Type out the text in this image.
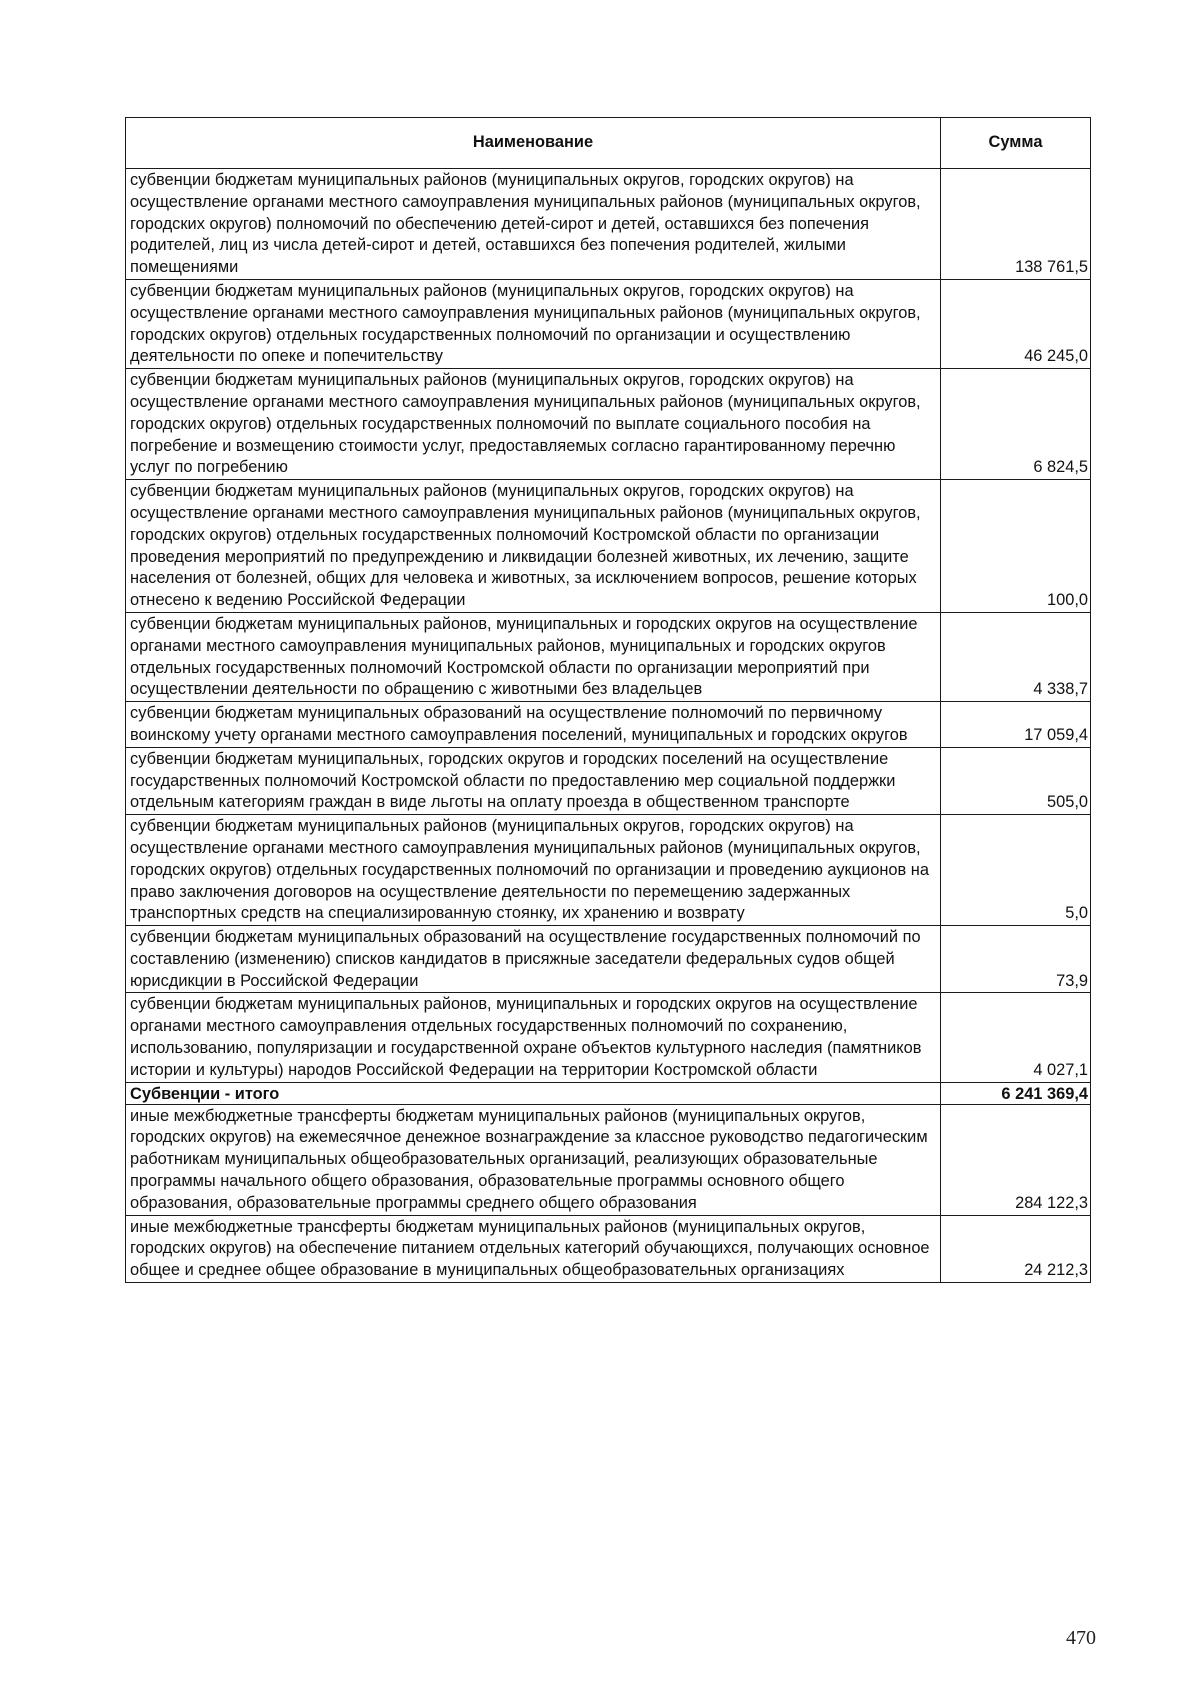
Наименование	Сумма
субвенции бюджетам муниципальных районов (муниципальных округов, городских округов) на осуществление органами местного самоуправления муниципальных районов (муниципальных округов, городских округов) полномочий по обеспечению детей-сирот и детей, оставшихся без попечения родителей, лиц из числа детей-сирот и детей, оставшихся без попечения родителей, жилыми помещениями	138 761,5
субвенции бюджетам муниципальных районов (муниципальных округов, городских округов) на осуществление органами местного самоуправления муниципальных районов (муниципальных округов, городских округов) отдельных государственных полномочий по организации и осуществлению деятельности по опеке и попечительству	46 245,0
субвенции бюджетам муниципальных районов (муниципальных округов, городских округов) на осуществление органами местного самоуправления муниципальных районов (муниципальных округов, городских округов) отдельных государственных полномочий по выплате социального пособия на погребение и возмещению стоимости услуг, предоставляемых согласно гарантированному перечню услуг по погребению	6 824,5
субвенции бюджетам муниципальных районов (муниципальных округов, городских округов) на осуществление органами местного самоуправления муниципальных районов (муниципальных округов, городских округов) отдельных государственных полномочий Костромской области по организации проведения мероприятий по предупреждению и ликвидации болезней животных, их лечению, защите населения от болезней, общих для человека и животных, за исключением вопросов, решение которых отнесено к ведению Российской Федерации	100,0
субвенции бюджетам муниципальных районов, муниципальных и городских округов на осуществление органами местного самоуправления муниципальных районов, муниципальных и городских округов отдельных государственных полномочий Костромской области по организации мероприятий при осуществлении деятельности по обращению с животными без владельцев	4 338,7
субвенции бюджетам муниципальных образований на осуществление полномочий по первичному воинскому учету органами местного самоуправления поселений, муниципальных и городских округов	17 059,4
субвенции бюджетам муниципальных, городских округов и городских поселений на осуществление государственных полномочий Костромской области по предоставлению мер социальной поддержки отдельным категориям граждан в виде льготы на оплату проезда в общественном транспорте	505,0
субвенции бюджетам муниципальных районов (муниципальных округов, городских округов) на осуществление органами местного самоуправления муниципальных районов (муниципальных округов, городских округов) отдельных государственных полномочий по организации и проведению аукционов на право заключения договоров на осуществление деятельности по перемещению задержанных транспортных средств на специализированную стоянку, их хранению и возврату	5,0
субвенции бюджетам муниципальных образований на осуществление государственных полномочий по составлению (изменению) списков кандидатов в присяжные заседатели федеральных судов общей юрисдикции в Российской Федерации	73,9
субвенции бюджетам муниципальных районов, муниципальных и городских округов на осуществление органами местного самоуправления отдельных государственных полномочий по сохранению, использованию, популяризации и государственной охране объектов культурного наследия (памятников истории и культуры) народов Российской Федерации на территории Костромской области	4 027,1
Субвенции - итого	6 241 369,4
иные межбюджетные трансферты бюджетам муниципальных районов (муниципальных округов, городских округов) на ежемесячное денежное вознаграждение за классное руководство педагогическим работникам муниципальных общеобразовательных организаций, реализующих образовательные программы начального общего образования, образовательные программы основного общего образования, образовательные программы среднего общего образования	284 122,3
иные межбюджетные трансферты бюджетам муниципальных районов (муниципальных округов, городских округов) на обеспечение питанием отдельных категорий обучающихся, получающих основное общее и среднее общее образование в муниципальных общеобразовательных организациях	24 212,3
470
